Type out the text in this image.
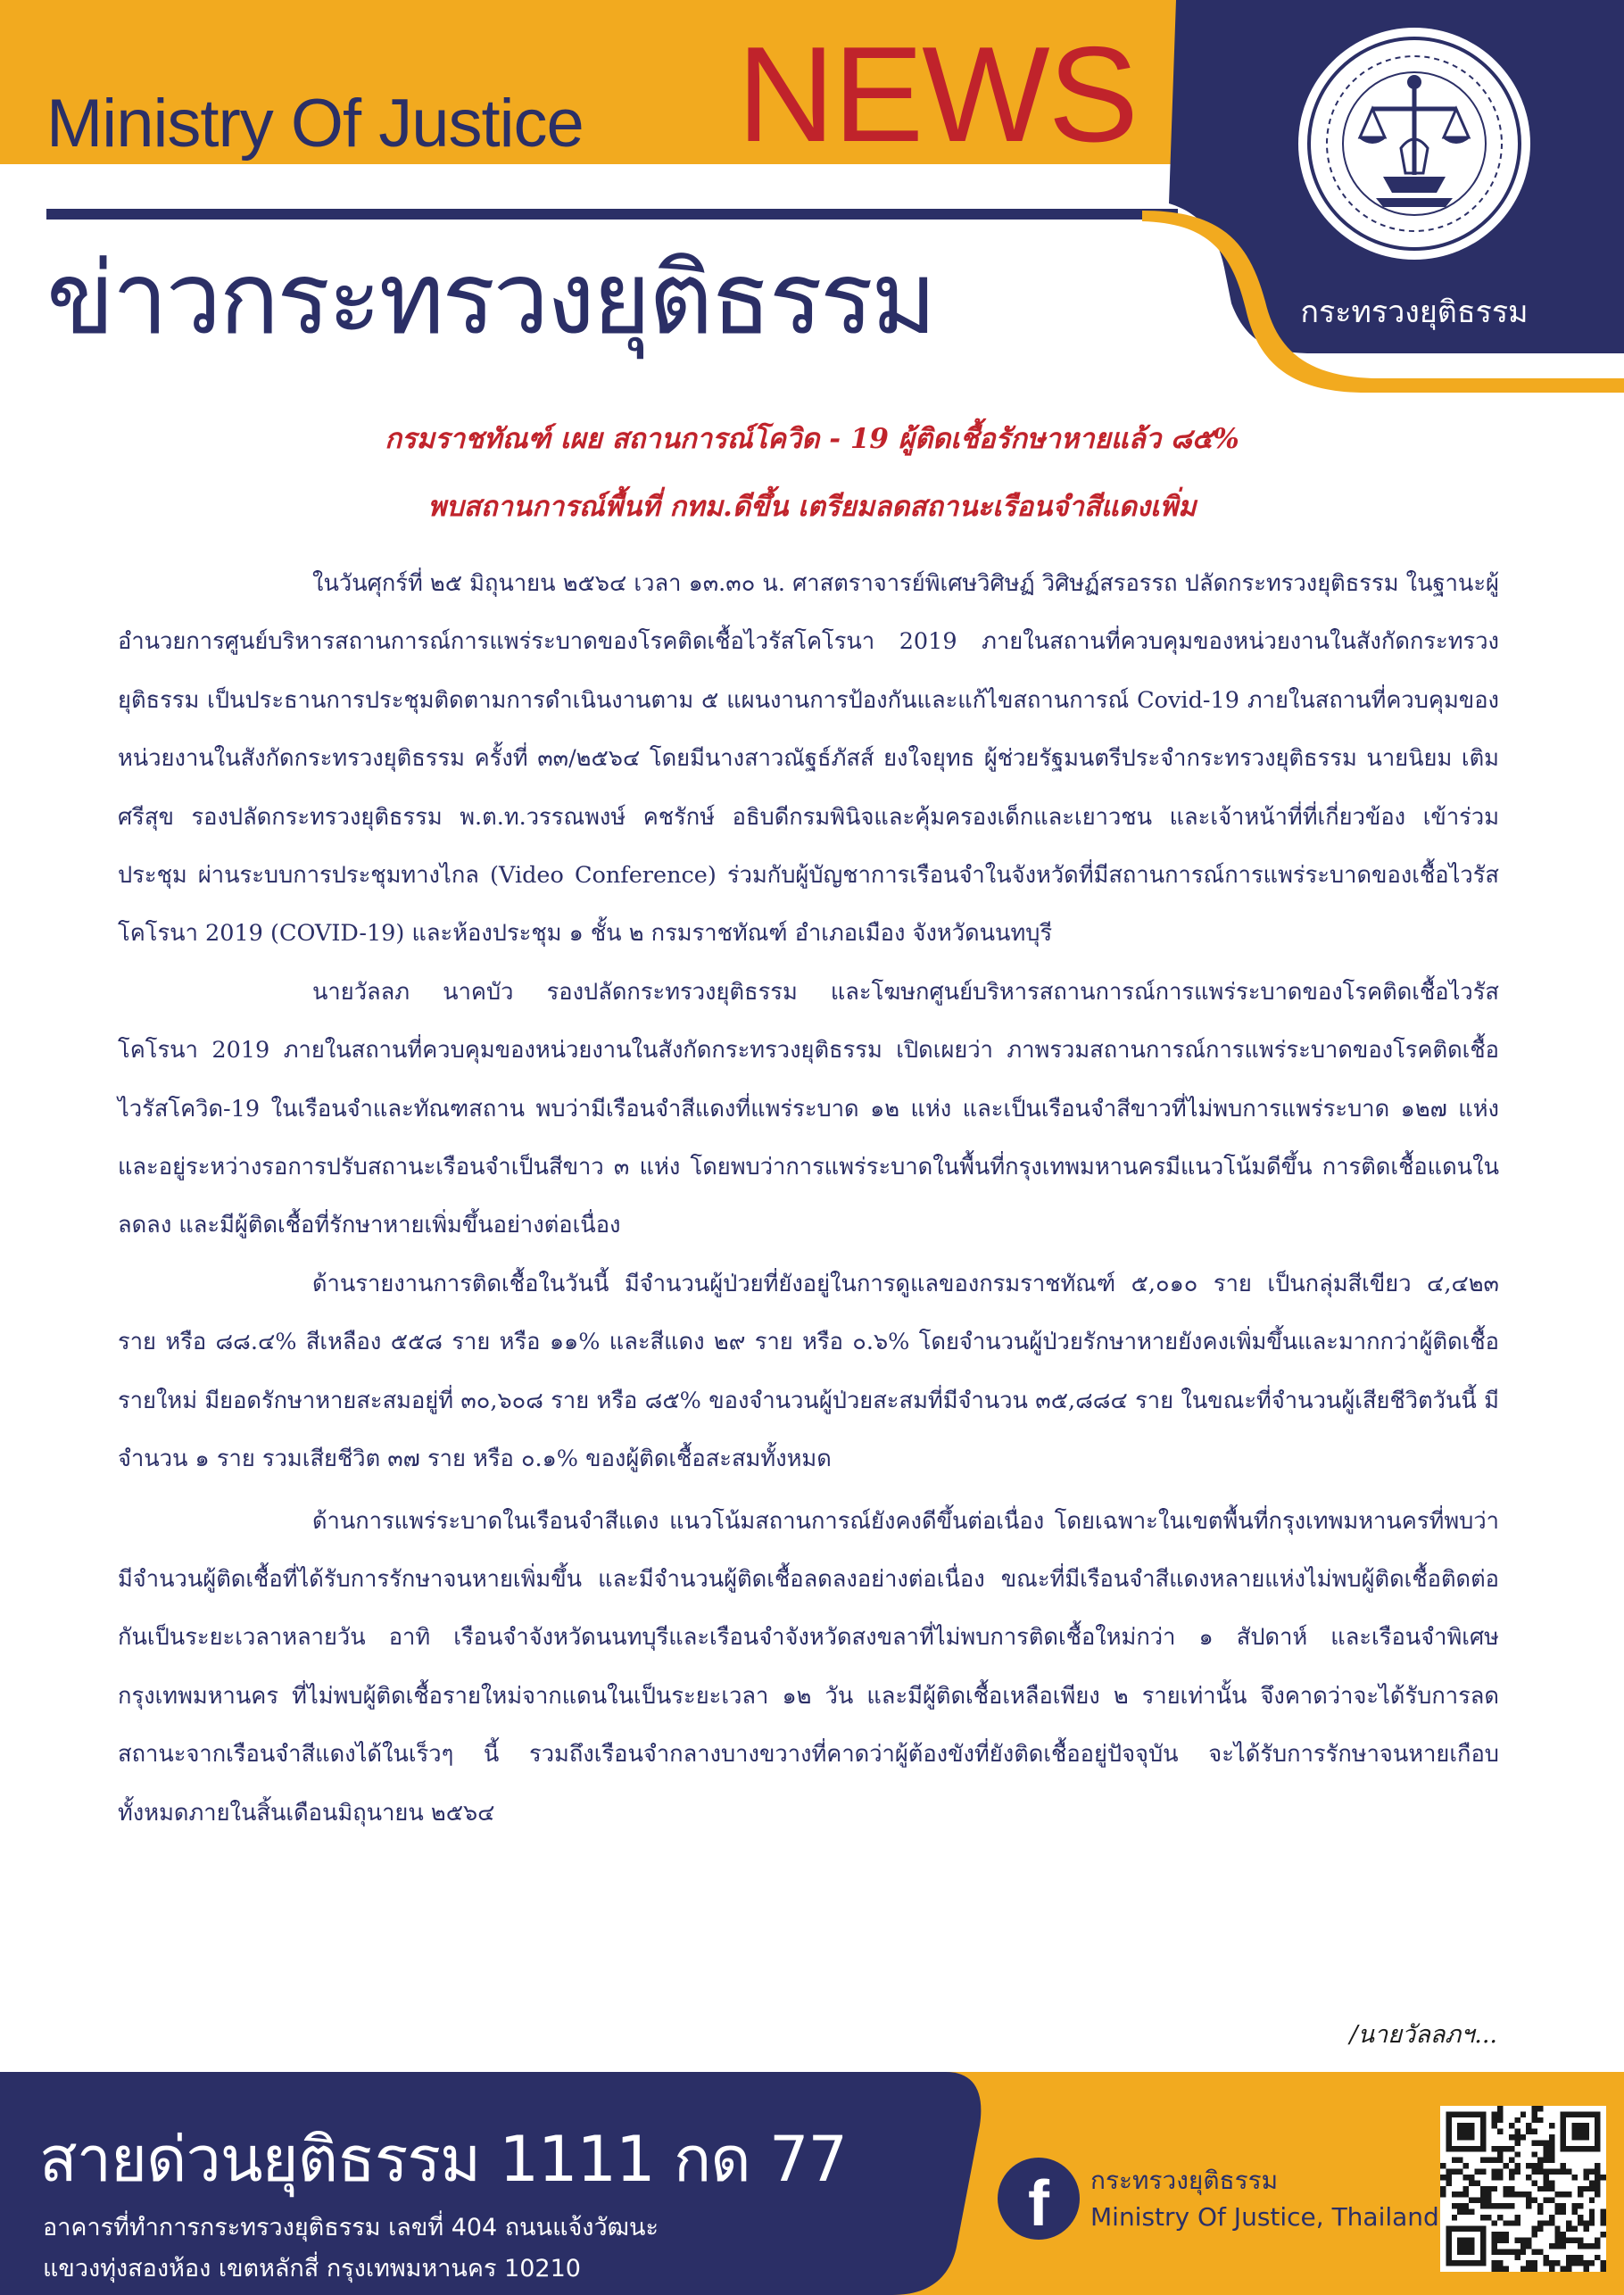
Ministry Of Justice NEWS
ข่าวกระทรวงยุติธรรม	กระทรวงยุติธรรม
กรมราชทัณฑ์ เผย สถานการณ์โควิด - 19 ผู้ติดเชื้อรักษาหายแล้ว ๘๕%
พบสถานการณ์พื้นที่ กทม.ดีขึ้น เตรียมลดสถานะเรือนจำสีแดงเพิ่ม

ในวันศุกร์ที่ ๒๕ มิถุนายน ๒๕๖๔ เวลา ๑๓.๓๐ น. ศาสตราจารย์พิเศษวิศิษฏ์ วิศิษฏ์สรอรรถ ปลัดกระทรวงยุติธรรม ในฐานะผู้อำนวยการศูนย์บริหารสถานการณ์การแพร่ระบาดของโรคติดเชื้อไวรัสโคโรนา 2019 ภายในสถานที่ควบคุมของหน่วยงานในสังกัดกระทรวงยุติธรรม เป็นประธานการประชุมติดตามการดำเนินงานตาม ๕ แผนงานการป้องกันและแก้ไขสถานการณ์ Covid-19 ภายในสถานที่ควบคุมของหน่วยงานในสังกัดกระทรวงยุติธรรม ครั้งที่ ๓๓/๒๕๖๔ โดยมีนางสาวณัฐธ์ภัสส์ ยงใจยุทธ ผู้ช่วยรัฐมนตรีประจำกระทรวงยุติธรรม นายนิยม เติมศรีสุข รองปลัดกระทรวงยุติธรรม พ.ต.ท.วรรณพงษ์ คชรักษ์ อธิบดีกรมพินิจและคุ้มครองเด็กและเยาวชน และเจ้าหน้าที่ที่เกี่ยวข้อง เข้าร่วมประชุม ผ่านระบบการประชุมทางไกล (Video Conference) ร่วมกับผู้บัญชาการเรือนจำในจังหวัดที่มีสถานการณ์การแพร่ระบาดของเชื้อไวรัสโคโรนา 2019 (COVID-19) และห้องประชุม ๑ ชั้น ๒ กรมราชทัณฑ์ อำเภอเมือง จังหวัดนนทบุรี

นายวัลลภ นาคบัว รองปลัดกระทรวงยุติธรรม และโฆษกศูนย์บริหารสถานการณ์การแพร่ระบาดของโรคติดเชื้อไวรัสโคโรนา 2019 ภายในสถานที่ควบคุมของหน่วยงานในสังกัดกระทรวงยุติธรรม เปิดเผยว่า ภาพรวมสถานการณ์การแพร่ระบาดของโรคติดเชื้อไวรัสโควิด-19 ในเรือนจำและทัณฑสถาน พบว่ามีเรือนจำสีแดงที่แพร่ระบาด ๑๒ แห่ง และเป็นเรือนจำสีขาวที่ไม่พบการแพร่ระบาด ๑๒๗ แห่ง และอยู่ระหว่างรอการปรับสถานะเรือนจำเป็นสีขาว ๓ แห่ง โดยพบว่าการแพร่ระบาดในพื้นที่กรุงเทพมหานครมีแนวโน้มดีขึ้น การติดเชื้อแดนในลดลง และมีผู้ติดเชื้อที่รักษาหายเพิ่มขึ้นอย่างต่อเนื่อง

ด้านรายงานการติดเชื้อในวันนี้ มีจำนวนผู้ป่วยที่ยังอยู่ในการดูแลของกรมราชทัณฑ์ ๕,๐๑๐ ราย เป็นกลุ่มสีเขียว ๔,๔๒๓ ราย หรือ ๘๘.๔% สีเหลือง ๕๕๘ ราย หรือ ๑๑% และสีแดง ๒๙ ราย หรือ ๐.๖% โดยจำนวนผู้ป่วยรักษาหายยังคงเพิ่มขึ้นและมากกว่าผู้ติดเชื้อรายใหม่ มียอดรักษาหายสะสมอยู่ที่ ๓๐,๖๐๘ ราย หรือ ๘๕% ของจำนวนผู้ป่วยสะสมที่มีจำนวน ๓๕,๘๘๔ ราย ในขณะที่จำนวนผู้เสียชีวิตวันนี้ มีจำนวน ๑ ราย รวมเสียชีวิต ๓๗ ราย หรือ ๐.๑% ของผู้ติดเชื้อสะสมทั้งหมด

ด้านการแพร่ระบาดในเรือนจำสีแดง แนวโน้มสถานการณ์ยังคงดีขึ้นต่อเนื่อง โดยเฉพาะในเขตพื้นที่กรุงเทพมหานครที่พบว่ามีจำนวนผู้ติดเชื้อที่ได้รับการรักษาจนหายเพิ่มขึ้น และมีจำนวนผู้ติดเชื้อลดลงอย่างต่อเนื่อง ขณะที่มีเรือนจำสีแดงหลายแห่งไม่พบผู้ติดเชื้อติดต่อกันเป็นระยะเวลาหลายวัน อาทิ เรือนจำจังหวัดนนทบุรีและเรือนจำจังหวัดสงขลาที่ไม่พบการติดเชื้อใหม่กว่า ๑ สัปดาห์ และเรือนจำพิเศษกรุงเทพมหานคร ที่ไม่พบผู้ติดเชื้อรายใหม่จากแดนในเป็นระยะเวลา ๑๒ วัน และมีผู้ติดเชื้อเหลือเพียง ๒ รายเท่านั้น จึงคาดว่าจะได้รับการลดสถานะจากเรือนจำสีแดงได้ในเร็วๆ นี้ รวมถึงเรือนจำกลางบางขวางที่คาดว่าผู้ต้องขังที่ยังติดเชื้ออยู่ปัจจุบัน จะได้รับการรักษาจนหายเกือบทั้งหมดภายในสิ้นเดือนมิถุนายน ๒๕๖๔

/นายวัลลภฯ...
สายด่วนยุติธรรม 1111 กด 77
อาคารที่ทำการกระทรวงยุติธรรม เลขที่ 404 ถนนแจ้งวัฒนะ
แขวงทุ่งสองห้อง เขตหลักสี่ กรุงเทพมหานคร 10210
f	กระทรวงยุติธรรม
Ministry Of Justice, Thailand
